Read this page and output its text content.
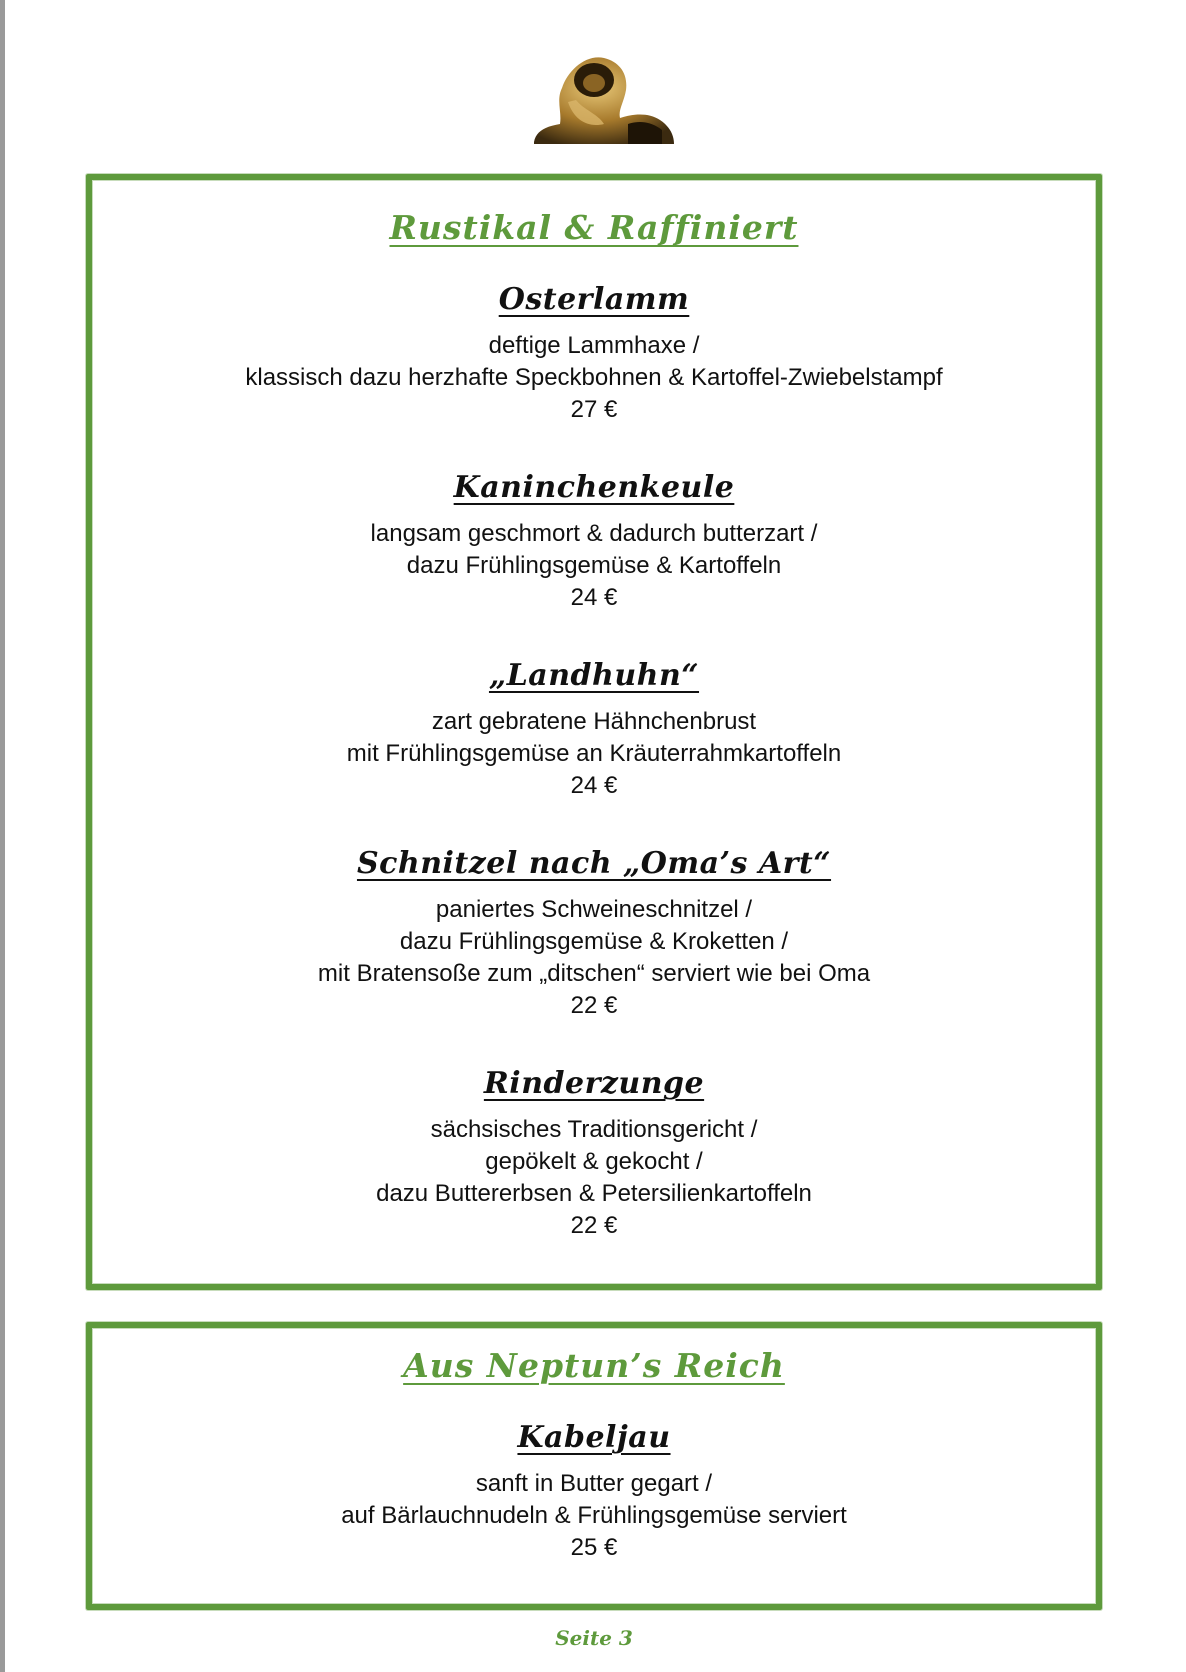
Rustikal & Raffiniert
Osterlamm
deftige Lammhaxe /
klassisch dazu herzhafte Speckbohnen & Kartoffel-Zwiebelstampf
27 €
Kaninchenkeule
langsam geschmort & dadurch butterzart /
dazu Frühlingsgemüse & Kartoffeln
24 €
„Landhuhn“
zart gebratene Hähnchenbrust
mit Frühlingsgemüse an Kräuterrahmkartoffeln
24 €
Schnitzel nach „Oma’s Art“
paniertes Schweineschnitzel /
dazu Frühlingsgemüse & Kroketten /
mit Bratensoße zum „ditschen“ serviert wie bei Oma
22 €
Rinderzunge
sächsisches Traditionsgericht /
gepökelt & gekocht /
dazu Buttererbsen & Petersilienkartoffeln
22 €
Aus Neptun’s Reich
Kabeljau
sanft in Butter gegart /
auf Bärlauchnudeln & Frühlingsgemüse serviert
25 €
Seite 3
